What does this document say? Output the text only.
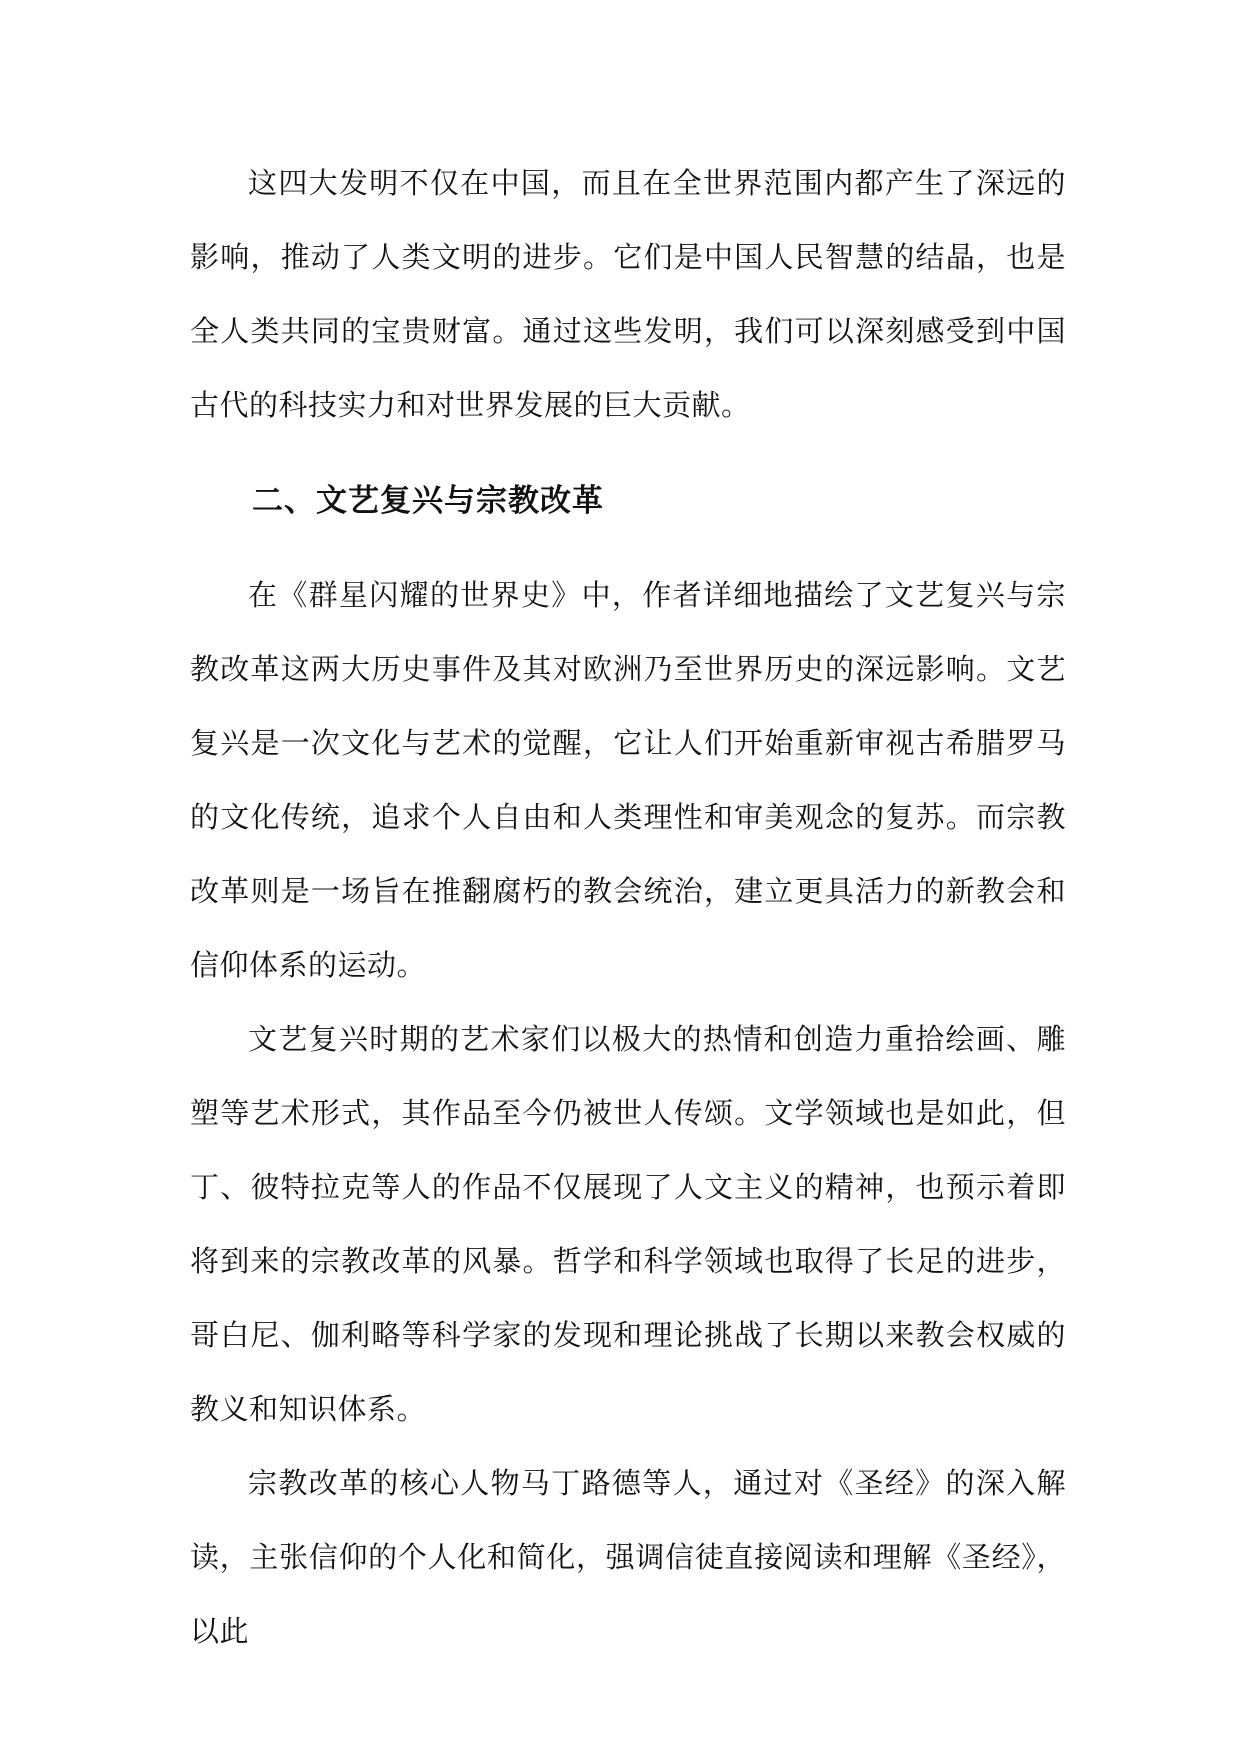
这四大发明不仅在中国，而且在全世界范围内都产生了深远的影响，推动了人类文明的进步。它们是中国人民智慧的结晶，也是全人类共同的宝贵财富。通过这些发明，我们可以深刻感受到中国古代的科技实力和对世界发展的巨大贡献。

二、文艺复兴与宗教改革

在《群星闪耀的世界史》中，作者详细地描绘了文艺复兴与宗教改革这两大历史事件及其对欧洲乃至世界历史的深远影响。文艺复兴是一次文化与艺术的觉醒，它让人们开始重新审视古希腊罗马的文化传统，追求个人自由和人类理性和审美观念的复苏。而宗教改革则是一场旨在推翻腐朽的教会统治，建立更具活力的新教会和信仰体系的运动。

文艺复兴时期的艺术家们以极大的热情和创造力重拾绘画、雕塑等艺术形式，其作品至今仍被世人传颂。文学领域也是如此，但丁、彼特拉克等人的作品不仅展现了人文主义的精神，也预示着即将到来的宗教改革的风暴。哲学和科学领域也取得了长足的进步，哥白尼、伽利略等科学家的发现和理论挑战了长期以来教会权威的教义和知识体系。

宗教改革的核心人物马丁路德等人，通过对《圣经》的深入解读，主张信仰的个人化和简化，强调信徒直接阅读和理解《圣经》，以此
